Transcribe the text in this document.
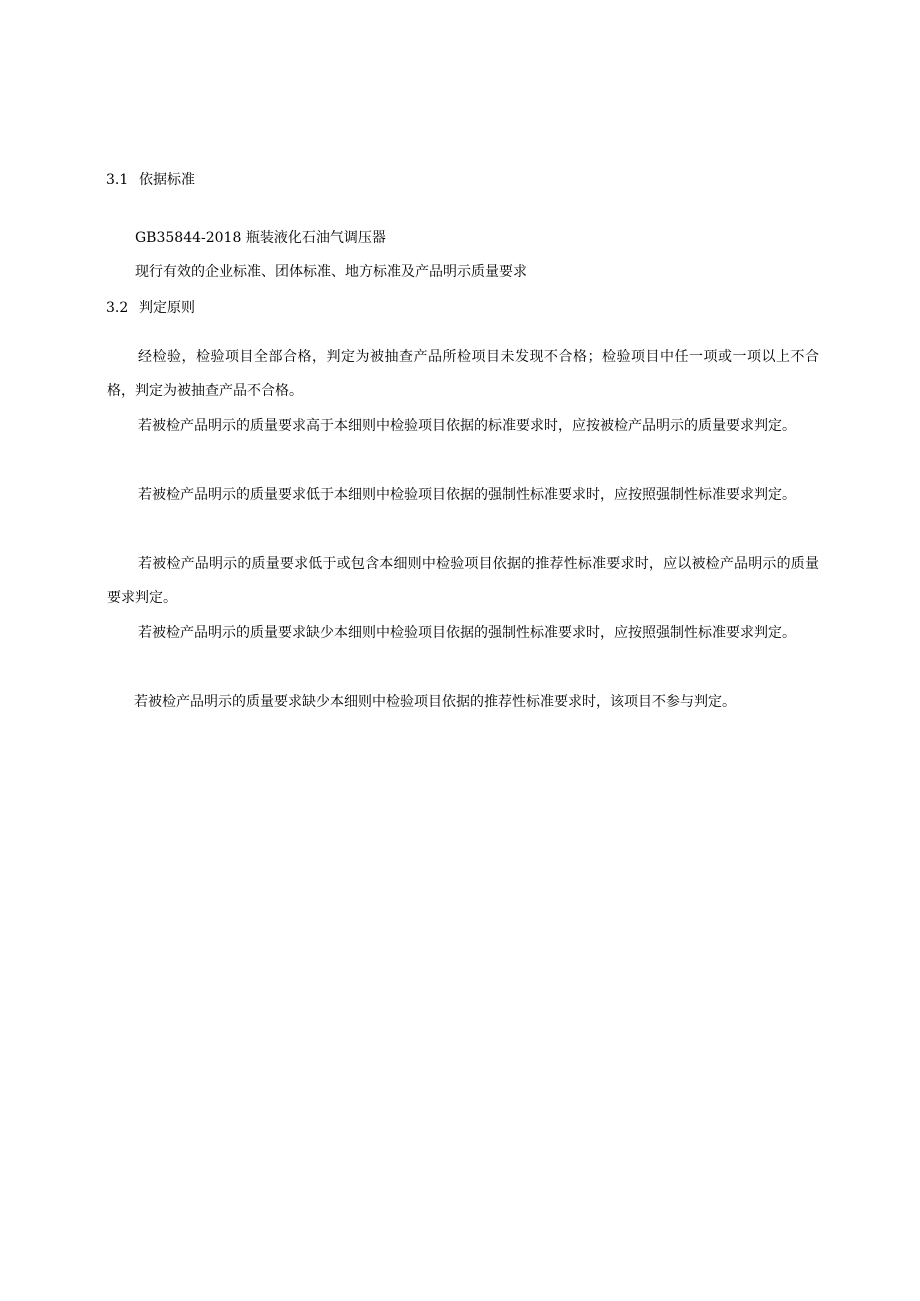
3.1 依据标准
GB35844-2018 瓶装液化石油气调压器
现行有效的企业标准、团体标准、地方标准及产品明示质量要求
3.2 判定原则

经检验，检验项目全部合格，判定为被抽查产品所检项目未发现不合格；检验项目中任一项或一项以上不合格，判定为被抽查产品不合格。

若被检产品明示的质量要求高于本细则中检验项目依据的标准要求时，应按被检产品明示的质量要求判定。

若被检产品明示的质量要求低于本细则中检验项目依据的强制性标准要求时，应按照强制性标准要求判定。

若被检产品明示的质量要求低于或包含本细则中检验项目依据的推荐性标准要求时，应以被检产品明示的质量要求判定。

若被检产品明示的质量要求缺少本细则中检验项目依据的强制性标准要求时，应按照强制性标准要求判定。

若被检产品明示的质量要求缺少本细则中检验项目依据的推荐性标准要求时，该项目不参与判定。
